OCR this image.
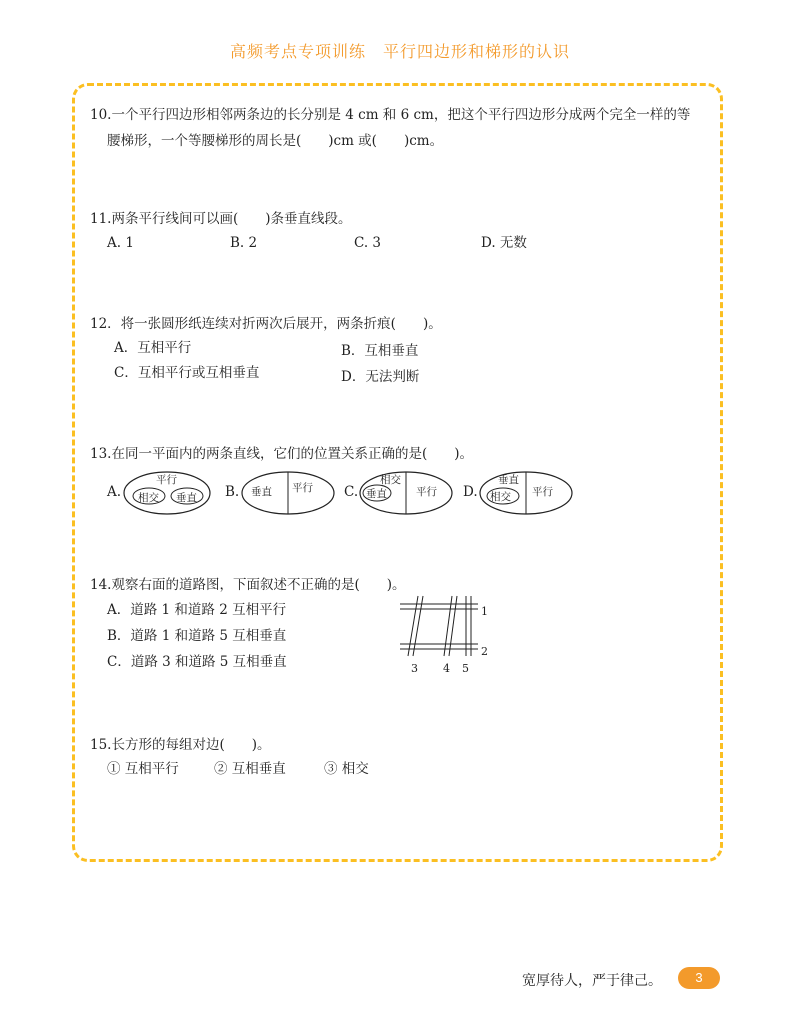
高频考点专项训练　平行四边形和梯形的认识
10.一个平行四边形相邻两条边的长分别是 4 cm 和 6 cm，把这个平行四边形分成两个完全一样的等
腰梯形，一个等腰梯形的周长是(　　)cm 或(　　)cm。
11.两条平行线间可以画(　　)条垂直线段。
A. 1	B. 2	C. 3	D. 无数
12．将一张圆形纸连续对折两次后展开，两条折痕(　　)。
A．互相平行	B．互相垂直
C．互相平行或互相垂直	D．无法判断
13.在同一平面内的两条直线，它们的位置关系正确的是(　　)。
A.
平行
相交 垂直 B. 垂直 平行 C.
相交
垂直	平行 D.
垂直
相交 平行
14.观察右面的道路图，下面叙述不正确的是(　　)。
A．道路 1 和道路 2 互相平行
B．道路 1 和道路 5 互相垂直
C．道路 3 和道路 5 互相垂直
1
2
3 4 5
15.长方形的每组对边(　　)。
① 互相平行	② 互相垂直	③ 相交
宽厚待人，严于律己。	3
